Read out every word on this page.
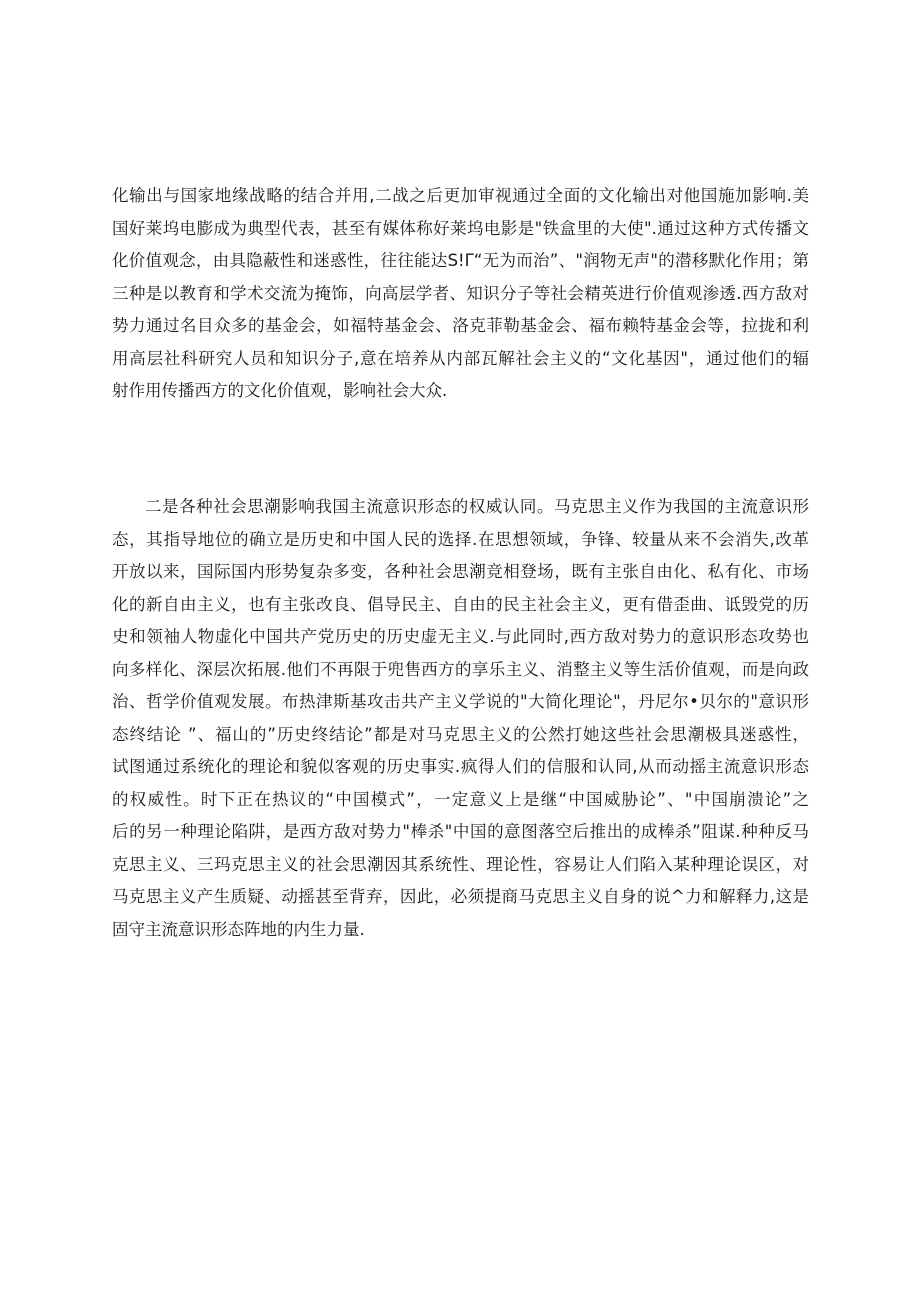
化输出与国家地缘战略的结合并用,二战之后更加审视通过全面的文化输出对他国施加影响.美
国好莱坞电膨成为典型代表，甚至有媒体称好莱坞电影是"铁盒里的大使".通过这种方式传播文
化价值观念，由具隐蔽性和迷惑性，往往能达S!Γ“无为而治”、"润物无声"的潜移默化作用；第
三种是以教育和学术交流为掩饰，向高层学者、知识分子等社会精英进行价值观渗透.西方敌对
势力通过名目众多的基金会，如福特基金会、洛克菲勒基金会、福布赖特基金会等，拉拢和利
用高层社科研究人员和知识分子,意在培养从内部瓦解社会主义的“文化基因"，通过他们的辐
射作用传播西方的文化价值观，影响社会大众.
二是各种社会思潮影响我国主流意识形态的权威认同。马克思主义作为我国的主流意识形
态，其指导地位的确立是历史和中国人民的选择.在思想领域，争锋、较量从来不会消失,改革
开放以来，国际国内形势复杂多变，各种社会思潮竞相登场，既有主张自由化、私有化、市场
化的新自由主义，也有主张改良、倡导民主、自由的民主社会主义，更有借歪曲、诋毁党的历
史和领袖人物虚化中国共产党历史的历史虚无主义.与此同时,西方敌对势力的意识形态攻势也
向多样化、深层次拓展.他们不再限于兜售西方的享乐主义、消整主义等生活价值观，而是向政
治、哲学价值观发展。布热津斯基攻击共产主义学说的"大简化理论"，丹尼尔•贝尔的"意识形
态终结论 ”、福山的”历史终结论”都是对马克思主义的公然打她这些社会思潮极具迷惑性，
试图通过系统化的理论和貌似客观的历史事实.疯得人们的信服和认同,从而动摇主流意识形态
的权威性。时下正在热议的“中国模式”，一定意义上是继“中国威胁论”、"中国崩溃论”之
后的另一种理论陷阱，是西方敌对势力"棒杀"中国的意图落空后推出的成棒杀”阻谋.种种反马
克思主义、三玛克思主义的社会思潮因其系统性、理论性，容易让人们陷入某种理论误区，对
马克思主义产生质疑、动摇甚至背弃，因此，必须提商马克思主义自身的说^力和解释力,这是
固守主流意识形态阵地的内生力量.
